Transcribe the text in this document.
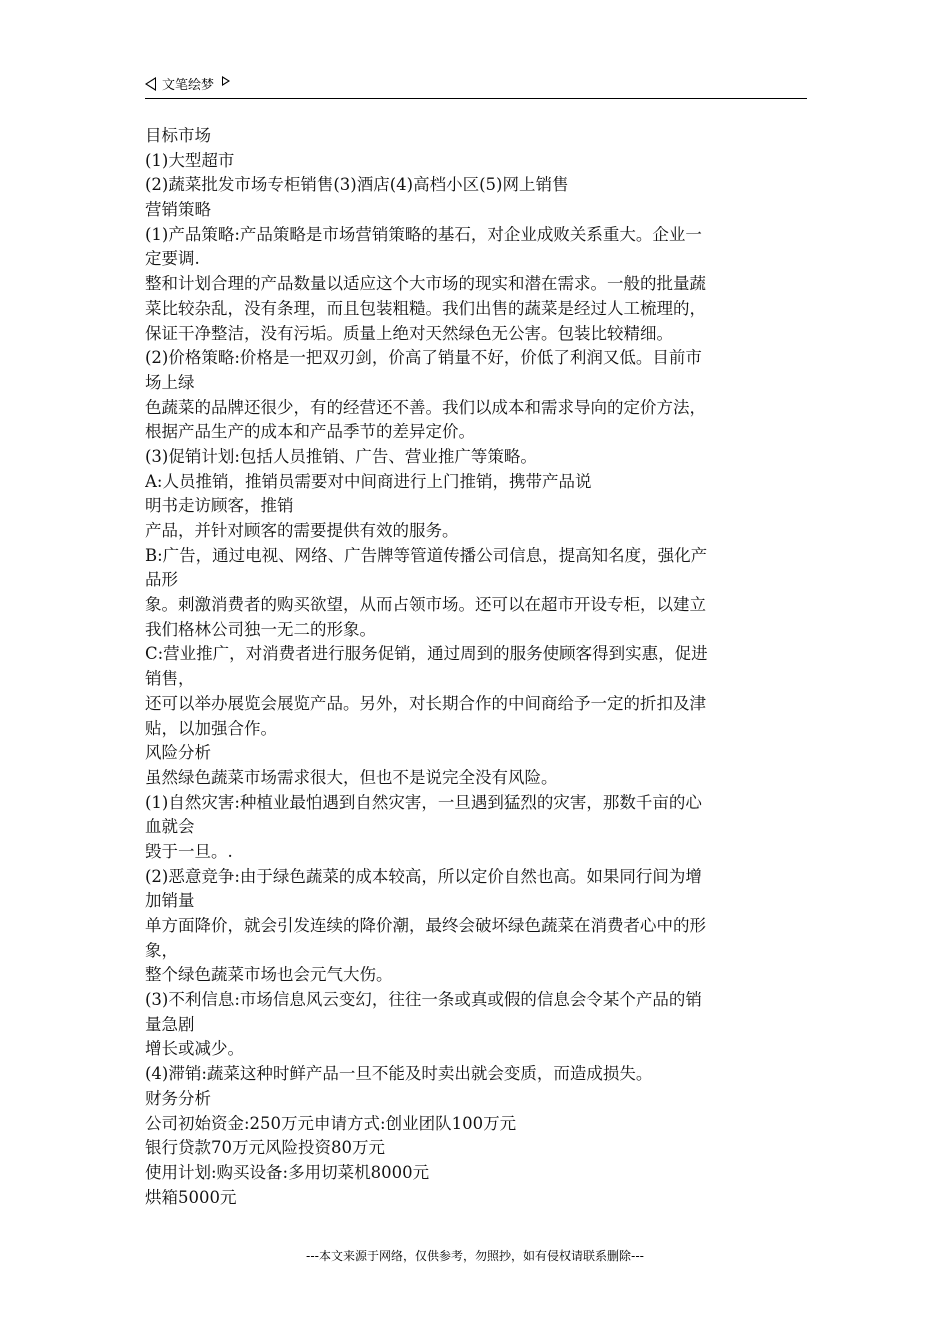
文笔绘梦
目标市场
(1)大型超市
(2)蔬菜批发市场专柜销售(3)酒店(4)高档小区(5)网上销售
营销策略
(1)产品策略:产品策略是市场营销策略的基石，对企业成败关系重大。企业一
定要调.
整和计划合理的产品数量以适应这个大市场的现实和潜在需求。一般的批量蔬
菜比较杂乱，没有条理，而且包装粗糙。我们出售的蔬菜是经过人工梳理的，
保证干净整洁，没有污垢。质量上绝对天然绿色无公害。包装比较精细。
(2)价格策略:价格是一把双刃剑，价高了销量不好，价低了利润又低。目前市
场上绿
色蔬菜的品牌还很少，有的经营还不善。我们以成本和需求导向的定价方法，
根据产品生产的成本和产品季节的差异定价。
(3)促销计划:包括人员推销、广告、营业推广等策略。
A:人员推销，推销员需要对中间商进行上门推销，携带产品说
明书走访顾客，推销
产品，并针对顾客的需要提供有效的服务。
B:广告，通过电视、网络、广告牌等管道传播公司信息，提高知名度，强化产
品形
象。刺激消费者的购买欲望，从而占领市场。还可以在超市开设专柜，以建立
我们格林公司独一无二的形象。
C:营业推广，对消费者进行服务促销，通过周到的服务使顾客得到实惠，促进
销售，
还可以举办展览会展览产品。另外，对长期合作的中间商给予一定的折扣及津
贴，以加强合作。
风险分析
虽然绿色蔬菜市场需求很大，但也不是说完全没有风险。
(1)自然灾害:种植业最怕遇到自然灾害，一旦遇到猛烈的灾害，那数千亩的心
血就会
毁于一旦。.
(2)恶意竞争:由于绿色蔬菜的成本较高，所以定价自然也高。如果同行间为增
加销量
单方面降价，就会引发连续的降价潮，最终会破坏绿色蔬菜在消费者心中的形
象，
整个绿色蔬菜市场也会元气大伤。
(3)不利信息:市场信息风云变幻，往往一条或真或假的信息会令某个产品的销
量急剧
增长或减少。
(4)滞销:蔬菜这种时鲜产品一旦不能及时卖出就会变质，而造成损失。
财务分析
公司初始资金:250万元申请方式:创业团队100万元
银行贷款70万元风险投资80万元
使用计划:购买设备:多用切菜机8000元
烘箱5000元
---本文来源于网络，仅供参考，勿照抄，如有侵权请联系删除---
